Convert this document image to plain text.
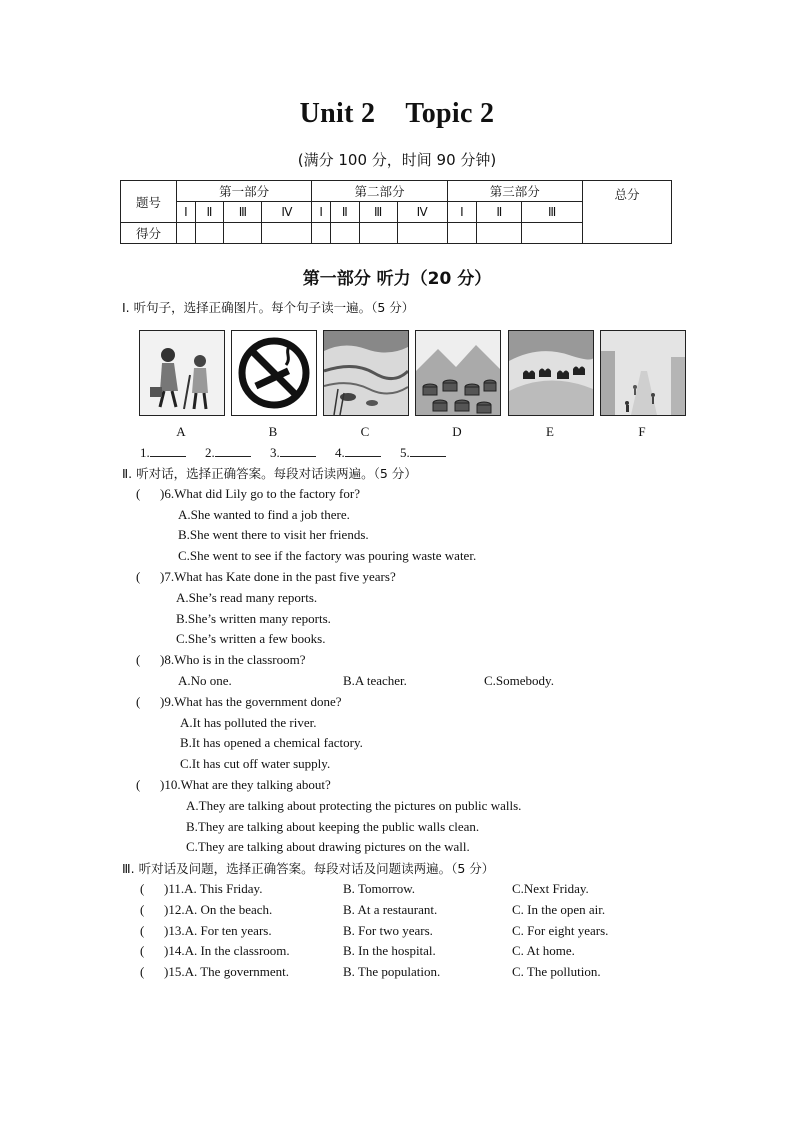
Unit 2 Topic 2
(满分 100 分，时间 90 分钟)
题号	第一部分				第二部分				第三部分			总分
	Ⅰ	Ⅱ	Ⅲ	Ⅳ	Ⅰ	Ⅱ	Ⅲ	Ⅳ	Ⅰ	Ⅱ	Ⅲ	
得分												
第一部分 听力（20 分）
Ⅰ. 听句子，选择正确图片。每个句子读一遍。（5 分）
A	B	C	D	E	F
1.	2.	3.	4.	5.
Ⅱ. 听对话，选择正确答案。每段对话读两遍。（5 分）
( )6.What did Lily go to the factory for?
A.She wanted to find a job there.
B.She went there to visit her friends.
C.She went to see if the factory was pouring waste water.
( )7.What has Kate done in the past five years?
A.She’s read many reports.
B.She’s written many reports.
C.She’s written a few books.
( )8.Who is in the classroom?
A.No one.	B.A teacher.	C.Somebody.
( )9.What has the government done?
A.It has polluted the river.
B.It has opened a chemical factory.
C.It has cut off water supply.
( )10.What are they talking about?
A.They are talking about protecting the pictures on public walls.
B.They are talking about keeping the public walls clean.
C.They are talking about drawing pictures on the wall.
Ⅲ. 听对话及问题，选择正确答案。每段对话及问题读两遍。（5 分）
( )11.A. This Friday.	B. Tomorrow.	C.Next Friday.
( )12.A. On the beach.	B. At a restaurant.	C. In the open air.
( )13.A. For ten years.	B. For two years.	C. For eight years.
( )14.A. In the classroom.	B. In the hospital.	C. At home.
( )15.A. The government.	B. The population.	C. The pollution.
